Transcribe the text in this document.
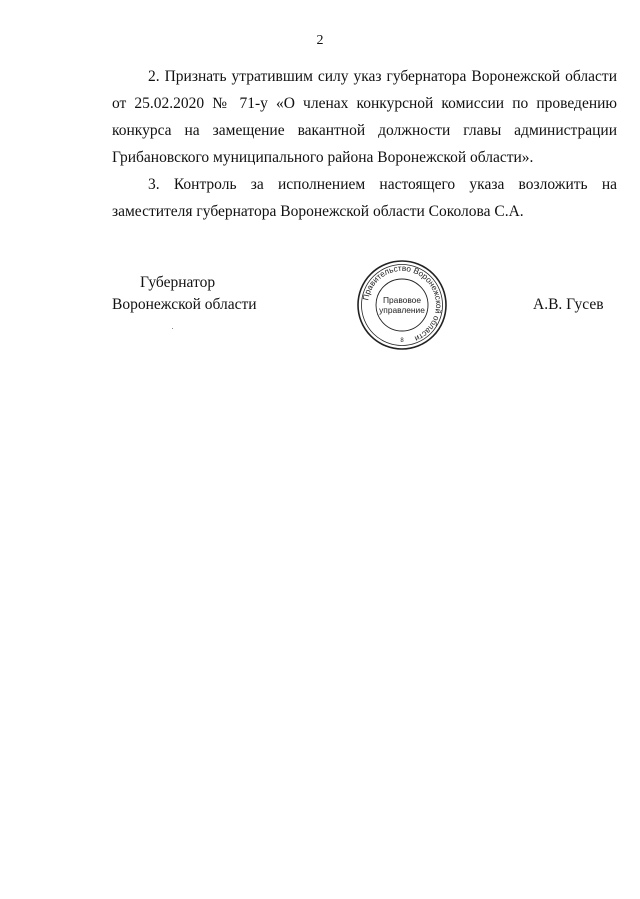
2

2. Признать утратившим силу указ губернатора Воронежской области от 25.02.2020 № 71-у «О членах конкурсной комиссии по проведению конкурса на замещение вакантной должности главы администрации Грибановского муниципального района Воронежской области».

3. Контроль за исполнением настоящего указа возложить на заместителя губернатора Воронежской области Соколова С.А.

Губернатор
Воронежской области	Правительство Воронежской области
Правовое
управление
8
А.В. Гусев
